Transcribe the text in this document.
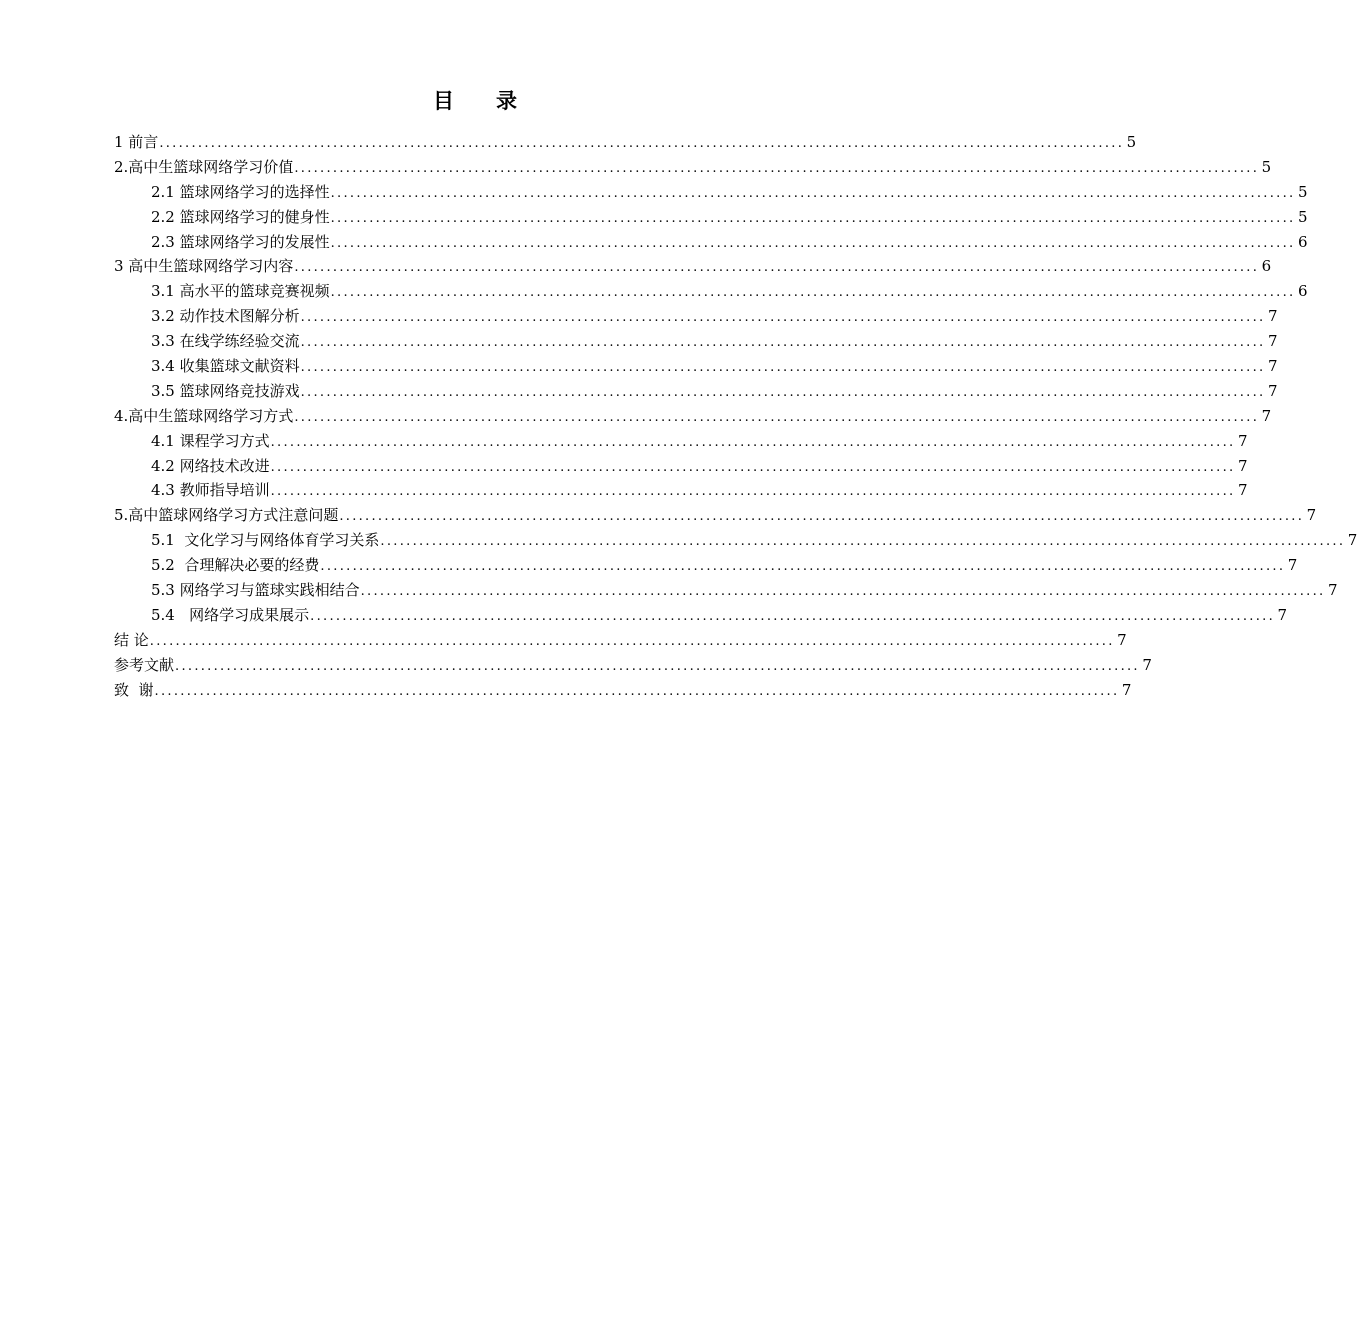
目 录
1 前言 ...................................................................................................................................................... 5
2.高中生篮球网络学习价值 ...................................................................................................................................................... 5
2.1 篮球网络学习的选择性 ...................................................................................................................................................... 5
2.2 篮球网络学习的健身性 ...................................................................................................................................................... 5
2.3 篮球网络学习的发展性 ...................................................................................................................................................... 6
3 高中生篮球网络学习内容 ...................................................................................................................................................... 6
3.1 高水平的篮球竞赛视频 ...................................................................................................................................................... 6
3.2 动作技术图解分析 ...................................................................................................................................................... 7
3.3 在线学练经验交流 ...................................................................................................................................................... 7
3.4 收集篮球文献资料 ...................................................................................................................................................... 7
3.5 篮球网络竞技游戏 ...................................................................................................................................................... 7
4.高中生篮球网络学习方式 ...................................................................................................................................................... 7
4.1 课程学习方式 ...................................................................................................................................................... 7
4.2 网络技术改进 ...................................................................................................................................................... 7
4.3 教师指导培训 ...................................................................................................................................................... 7
5.高中篮球网络学习方式注意问题 ...................................................................................................................................................... 7
5.1  文化学习与网络体育学习关系 ...................................................................................................................................................... 7
5.2  合理解决必要的经费 ...................................................................................................................................................... 7
5.3 网络学习与篮球实践相结合 ...................................................................................................................................................... 7
5.4   网络学习成果展示 ...................................................................................................................................................... 7
结 论 ...................................................................................................................................................... 7
参考文献 ...................................................................................................................................................... 7
致  谢 ...................................................................................................................................................... 7
